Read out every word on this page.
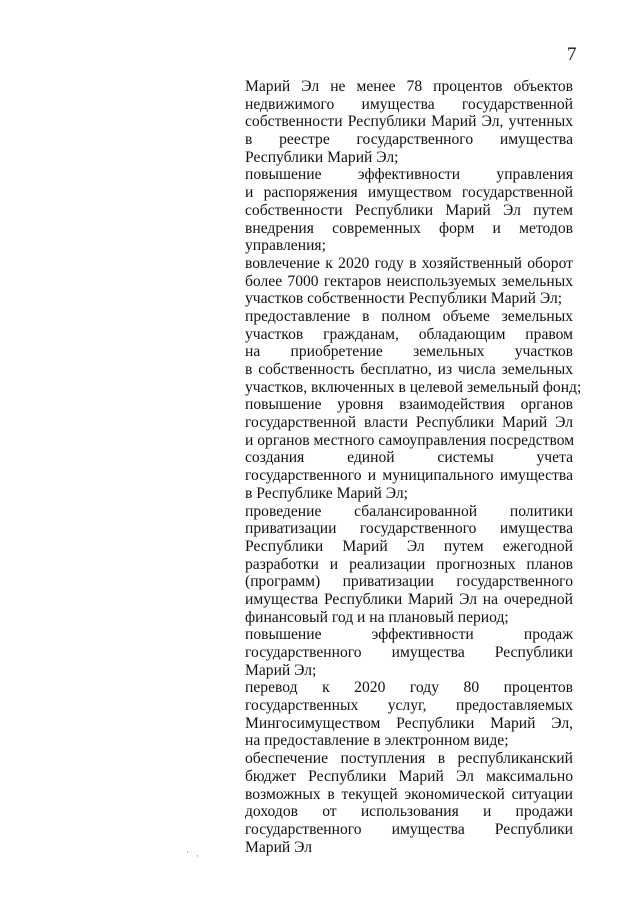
7
Марий Эл не менее 78 процентов объектов
недвижимого имущества государственной
собственности Республики Марий Эл, учтенных
в реестре государственного имущества
Республики Марий Эл;
повышение эффективности управления
и распоряжения имуществом государственной
собственности Республики Марий Эл путем
внедрения современных форм и методов
управления;
вовлечение к 2020 году в хозяйственный оборот
более 7000 гектаров неиспользуемых земельных
участков собственности Республики Марий Эл;
предоставление в полном объеме земельных
участков гражданам, обладающим правом
на приобретение земельных участков
в собственность бесплатно, из числа земельных
участков, включенных в целевой земельный фонд;
повышение уровня взаимодействия органов
государственной власти Республики Марий Эл
и органов местного самоуправления посредством
создания единой системы учета
государственного и муниципального имущества
в Республике Марий Эл;
проведение сбалансированной политики
приватизации государственного имущества
Республики Марий Эл путем ежегодной
разработки и реализации прогнозных планов
(программ) приватизации государственного
имущества Республики Марий Эл на очередной
финансовый год и на плановый период;
повышение эффективности продаж
государственного имущества Республики
Марий Эл;
перевод к 2020 году 80 процентов
государственных услуг, предоставляемых
Мингосимуществом Республики Марий Эл,
на предоставление в электронном виде;
обеспечение поступления в республиканский
бюджет Республики Марий Эл максимально
возможных в текущей экономической ситуации
доходов от использования и продажи
государственного имущества Республики
Марий Эл
· ·
